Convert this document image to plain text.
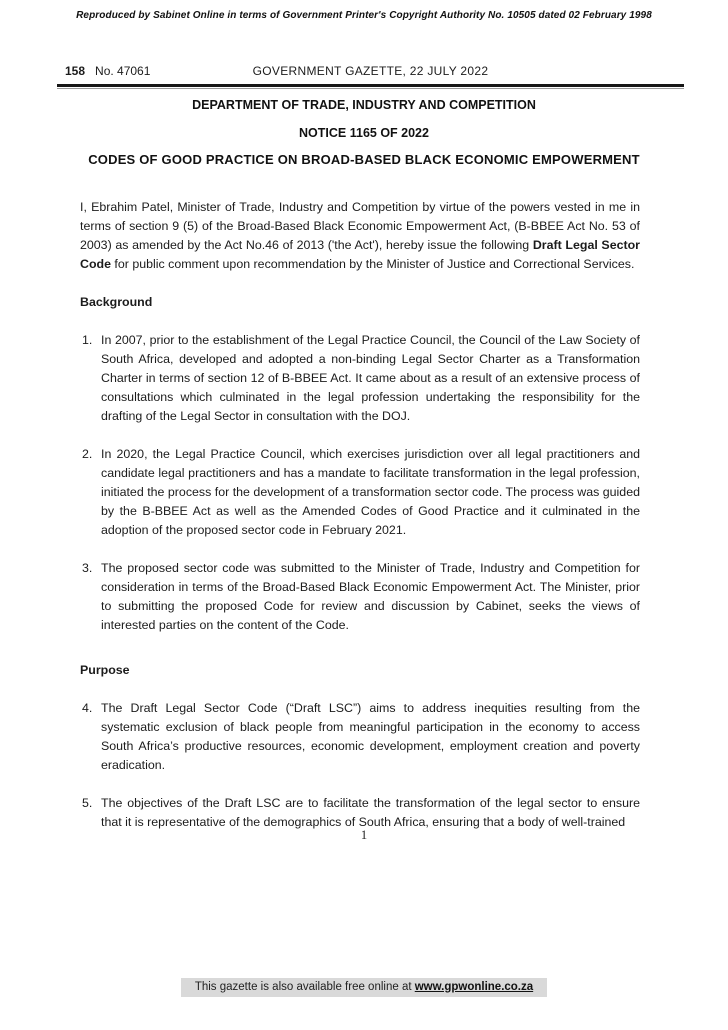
Reproduced by Sabinet Online in terms of Government Printer's Copyright Authority No. 10505 dated 02 February 1998
158 No. 47061	GOVERNMENT GAZETTE, 22 JULY 2022
DEPARTMENT OF TRADE, INDUSTRY AND COMPETITION
NOTICE 1165 OF 2022
CODES OF GOOD PRACTICE ON BROAD-BASED BLACK ECONOMIC EMPOWERMENT

I, Ebrahim Patel, Minister of Trade, Industry and Competition by virtue of the powers vested in me in terms of section 9 (5) of the Broad-Based Black Economic Empowerment Act, (B-BBEE Act No. 53 of 2003) as amended by the Act No.46 of 2013 ('the Act'), hereby issue the following Draft Legal Sector Code for public comment upon recommendation by the Minister of Justice and Correctional Services.

Background
1. In 2007, prior to the establishment of the Legal Practice Council, the Council of the Law Society of South Africa, developed and adopted a non-binding Legal Sector Charter as a Transformation Charter in terms of section 12 of B-BBEE Act. It came about as a result of an extensive process of consultations which culminated in the legal profession undertaking the responsibility for the drafting of the Legal Sector in consultation with the DOJ.
2. In 2020, the Legal Practice Council, which exercises jurisdiction over all legal practitioners and candidate legal practitioners and has a mandate to facilitate transformation in the legal profession, initiated the process for the development of a transformation sector code. The process was guided by the B-BBEE Act as well as the Amended Codes of Good Practice and it culminated in the adoption of the proposed sector code in February 2021.
3. The proposed sector code was submitted to the Minister of Trade, Industry and Competition for consideration in terms of the Broad-Based Black Economic Empowerment Act. The Minister, prior to submitting the proposed Code for review and discussion by Cabinet, seeks the views of interested parties on the content of the Code.
Purpose
4. The Draft Legal Sector Code (“Draft LSC”) aims to address inequities resulting from the systematic exclusion of black people from meaningful participation in the economy to access South Africa’s productive resources, economic development, employment creation and poverty eradication.
5. The objectives of the Draft LSC are to facilitate the transformation of the legal sector to ensure that it is representative of the demographics of South Africa, ensuring that a body of well-trained
1
This gazette is also available free online at www.gpwonline.co.za
